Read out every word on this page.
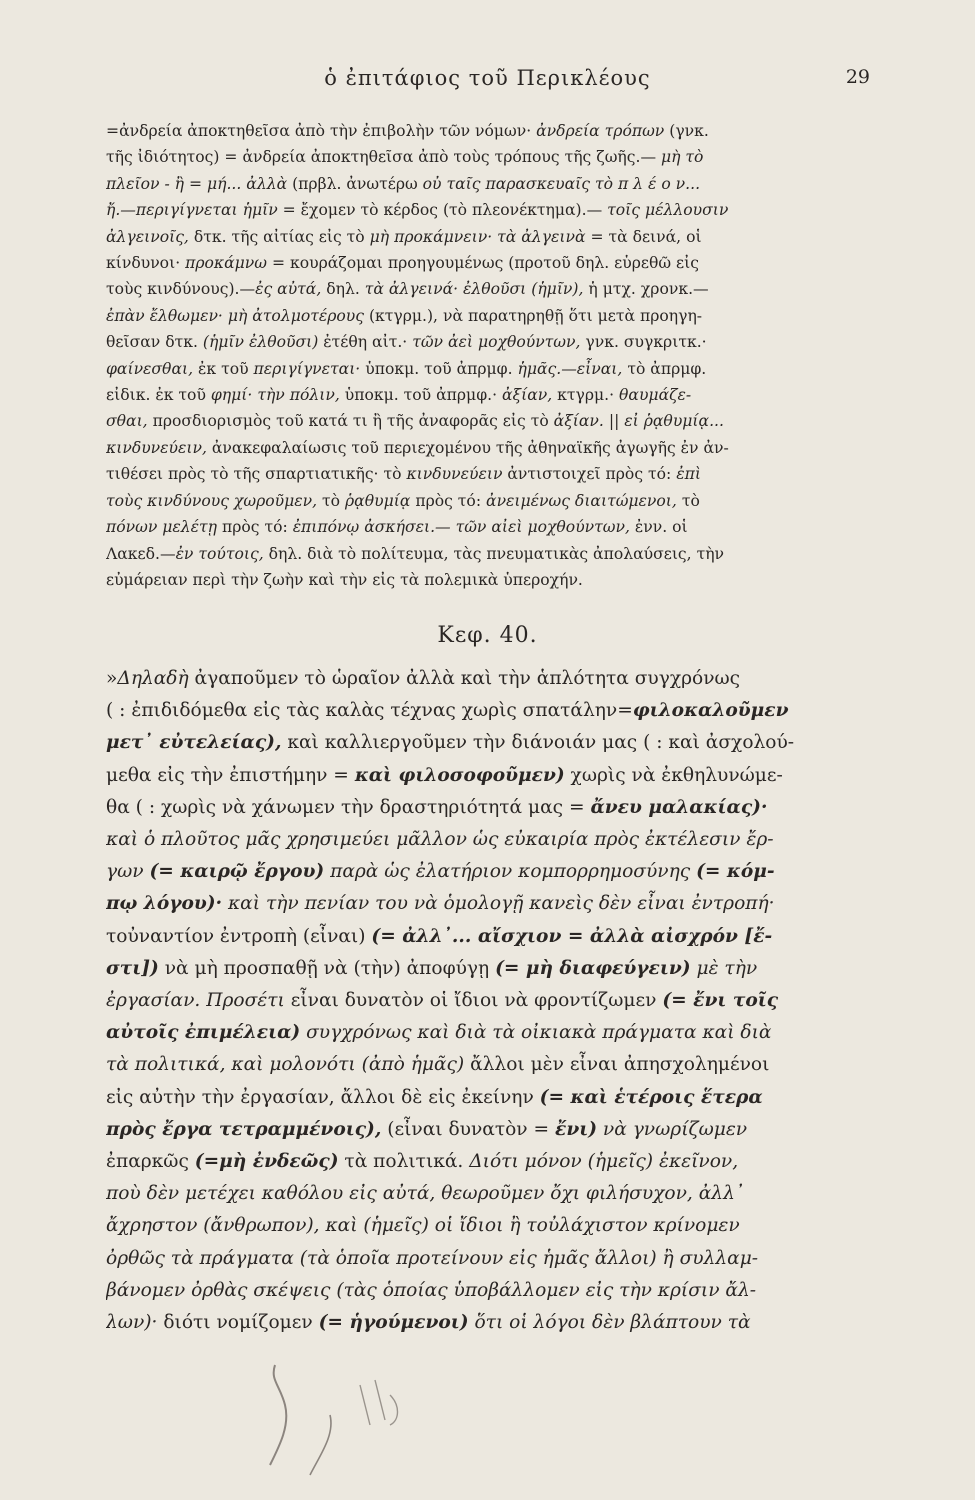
ὁ ἐπιτάφιος τοῦ Περικλέους	29
=ἀνδρεία ἀποκτηθεῖσα ἀπὸ τὴν ἐπιβολὴν τῶν νόμων· ἀνδρεία τρόπων (γνκ.
τῆς ἰδιότητος) = ἀνδρεία ἀποκτηθεῖσα ἀπὸ τοὺς τρόπους τῆς ζωῆς.— μὴ τὸ
πλεῖον - ἢ = μή... ἀλλὰ (πρβλ. ἀνωτέρω οὐ ταῖς παρασκευαῖς τὸ π λ έ ο ν...
ἤ.—περιγίγνεται ἡμῖν = ἔχομεν τὸ κέρδος (τὸ πλεονέκτημα).— τοῖς μέλλουσιν
ἀλγεινοῖς, δτκ. τῆς αἰτίας εἰς τὸ μὴ προκάμνειν· τὰ ἀλγεινὰ = τὰ δεινά, οἱ
κίνδυνοι· προκάμνω = κουράζομαι προηγουμένως (προτοῦ δηλ. εὑρεθῶ εἰς
τοὺς κινδύνους).—ἐς αὐτά, δηλ. τὰ ἀλγεινά· ἐλθοῦσι (ἡμῖν), ἡ μτχ. χρονκ.—
ἐπὰν ἔλθωμεν· μὴ ἀτολμοτέρους (κτγρμ.), νὰ παρατηρηθῇ ὅτι μετὰ προηγη-
θεῖσαν δτκ. (ἡμῖν ἐλθοῦσι) ἐτέθη αἰτ.· τῶν ἀεὶ μοχθούντων, γνκ. συγκριτκ.·
φαίνεσθαι, ἐκ τοῦ περιγίγνεται· ὑποκμ. τοῦ ἀπρμφ. ἡμᾶς.—εἶναι, τὸ ἀπρμφ.
εἰδικ. ἐκ τοῦ φημί· τὴν πόλιν, ὑποκμ. τοῦ ἀπρμφ.· ἀξίαν, κτγρμ.· θαυμάζε-
σθαι, προσδιορισμὸς τοῦ κατά τι ἢ τῆς ἀναφορᾶς εἰς τὸ ἀξίαν. || εἰ ῥᾳθυμίᾳ...
κινδυνεύειν, ἀνακεφαλαίωσις τοῦ περιεχομένου τῆς ἀθηναϊκῆς ἀγωγῆς ἐν ἀν-
τιθέσει πρὸς τὸ τῆς σπαρτιατικῆς· τὸ κινδυνεύειν ἀντιστοιχεῖ πρὸς τό: ἐπὶ
τοὺς κινδύνους χωροῦμεν, τὸ ῥᾳθυμίᾳ πρὸς τό: ἀνειμένως διαιτώμενοι, τὸ
πόνων μελέτῃ πρὸς τό: ἐπιπόνῳ ἀσκήσει.— τῶν αἰεὶ μοχθούντων, ἐνν. οἱ
Λακεδ.—ἐν τούτοις, δηλ. διὰ τὸ πολίτευμα, τὰς πνευματικὰς ἀπολαύσεις, τὴν
εὐμάρειαν περὶ τὴν ζωὴν καὶ τὴν εἰς τὰ πολεμικὰ ὑπεροχήν.
Κεφ. 40.
»Δηλαδὴ ἀγαποῦμεν τὸ ὡραῖον ἀλλὰ καὶ τὴν ἁπλότητα συγχρόνως
( : ἐπιδιδόμεθα εἰς τὰς καλὰς τέχνας χωρὶς σπατάλην=φιλοκαλοῦμεν
μετ᾽ εὐτελείας), καὶ καλλιεργοῦμεν τὴν διάνοιάν μας ( : καὶ ἀσχολού-
μεθα εἰς τὴν ἐπιστήμην = καὶ φιλοσοφοῦμεν) χωρὶς νὰ ἐκθηλυνώμε-
θα ( : χωρὶς νὰ χάνωμεν τὴν δραστηριότητά μας = ἄνευ μαλακίας)·
καὶ ὁ πλοῦτος μᾶς χρησιμεύει μᾶλλον ὡς εὐκαιρία πρὸς ἐκτέλεσιν ἔρ-
γων (= καιρῷ ἔργου) παρὰ ὡς ἐλατήριον κομπορρημοσύνης (= κόμ-
πῳ λόγου)· καὶ τὴν πενίαν του νὰ ὁμολογῇ κανεὶς δὲν εἶναι ἐντροπή·
τοὐναντίον ἐντροπὴ (εἶναι) (= ἀλλ᾽... αἴσχιον = ἀλλὰ αἰσχρόν [ἔ-
στι]) νὰ μὴ προσπαθῇ νὰ (τὴν) ἀποφύγῃ (= μὴ διαφεύγειν) μὲ τὴν
ἐργασίαν. Προσέτι εἶναι δυνατὸν οἱ ἴδιοι νὰ φροντίζωμεν (= ἔνι τοῖς
αὐτοῖς ἐπιμέλεια) συγχρόνως καὶ διὰ τὰ οἰκιακὰ πράγματα καὶ διὰ
τὰ πολιτικά, καὶ μολονότι (ἀπὸ ἡμᾶς) ἄλλοι μὲν εἶναι ἀπησχολημένοι
εἰς αὐτὴν τὴν ἐργασίαν, ἄλλοι δὲ εἰς ἐκείνην (= καὶ ἑτέροις ἕτερα
πρὸς ἔργα τετραμμένοις), (εἶναι δυνατὸν = ἔνι) νὰ γνωρίζωμεν
ἐπαρκῶς (=μὴ ἐνδεῶς) τὰ πολιτικά. Διότι μόνον (ἡμεῖς) ἐκεῖνον,
ποὺ δὲν μετέχει καθόλου εἰς αὐτά, θεωροῦμεν ὄχι φιλήσυχον, ἀλλ᾽
ἄχρηστον (ἄνθρωπον), καὶ (ἡμεῖς) οἱ ἴδιοι ἢ τοὐλάχιστον κρίνομεν
ὀρθῶς τὰ πράγματα (τὰ ὁποῖα προτείνουν εἰς ἡμᾶς ἄλλοι) ἢ συλλαμ-
βάνομεν ὀρθὰς σκέψεις (τὰς ὁποίας ὑποβάλλομεν εἰς τὴν κρίσιν ἄλ-
λων)· διότι νομίζομεν (= ἡγούμενοι) ὅτι οἱ λόγοι δὲν βλάπτουν τὰ
